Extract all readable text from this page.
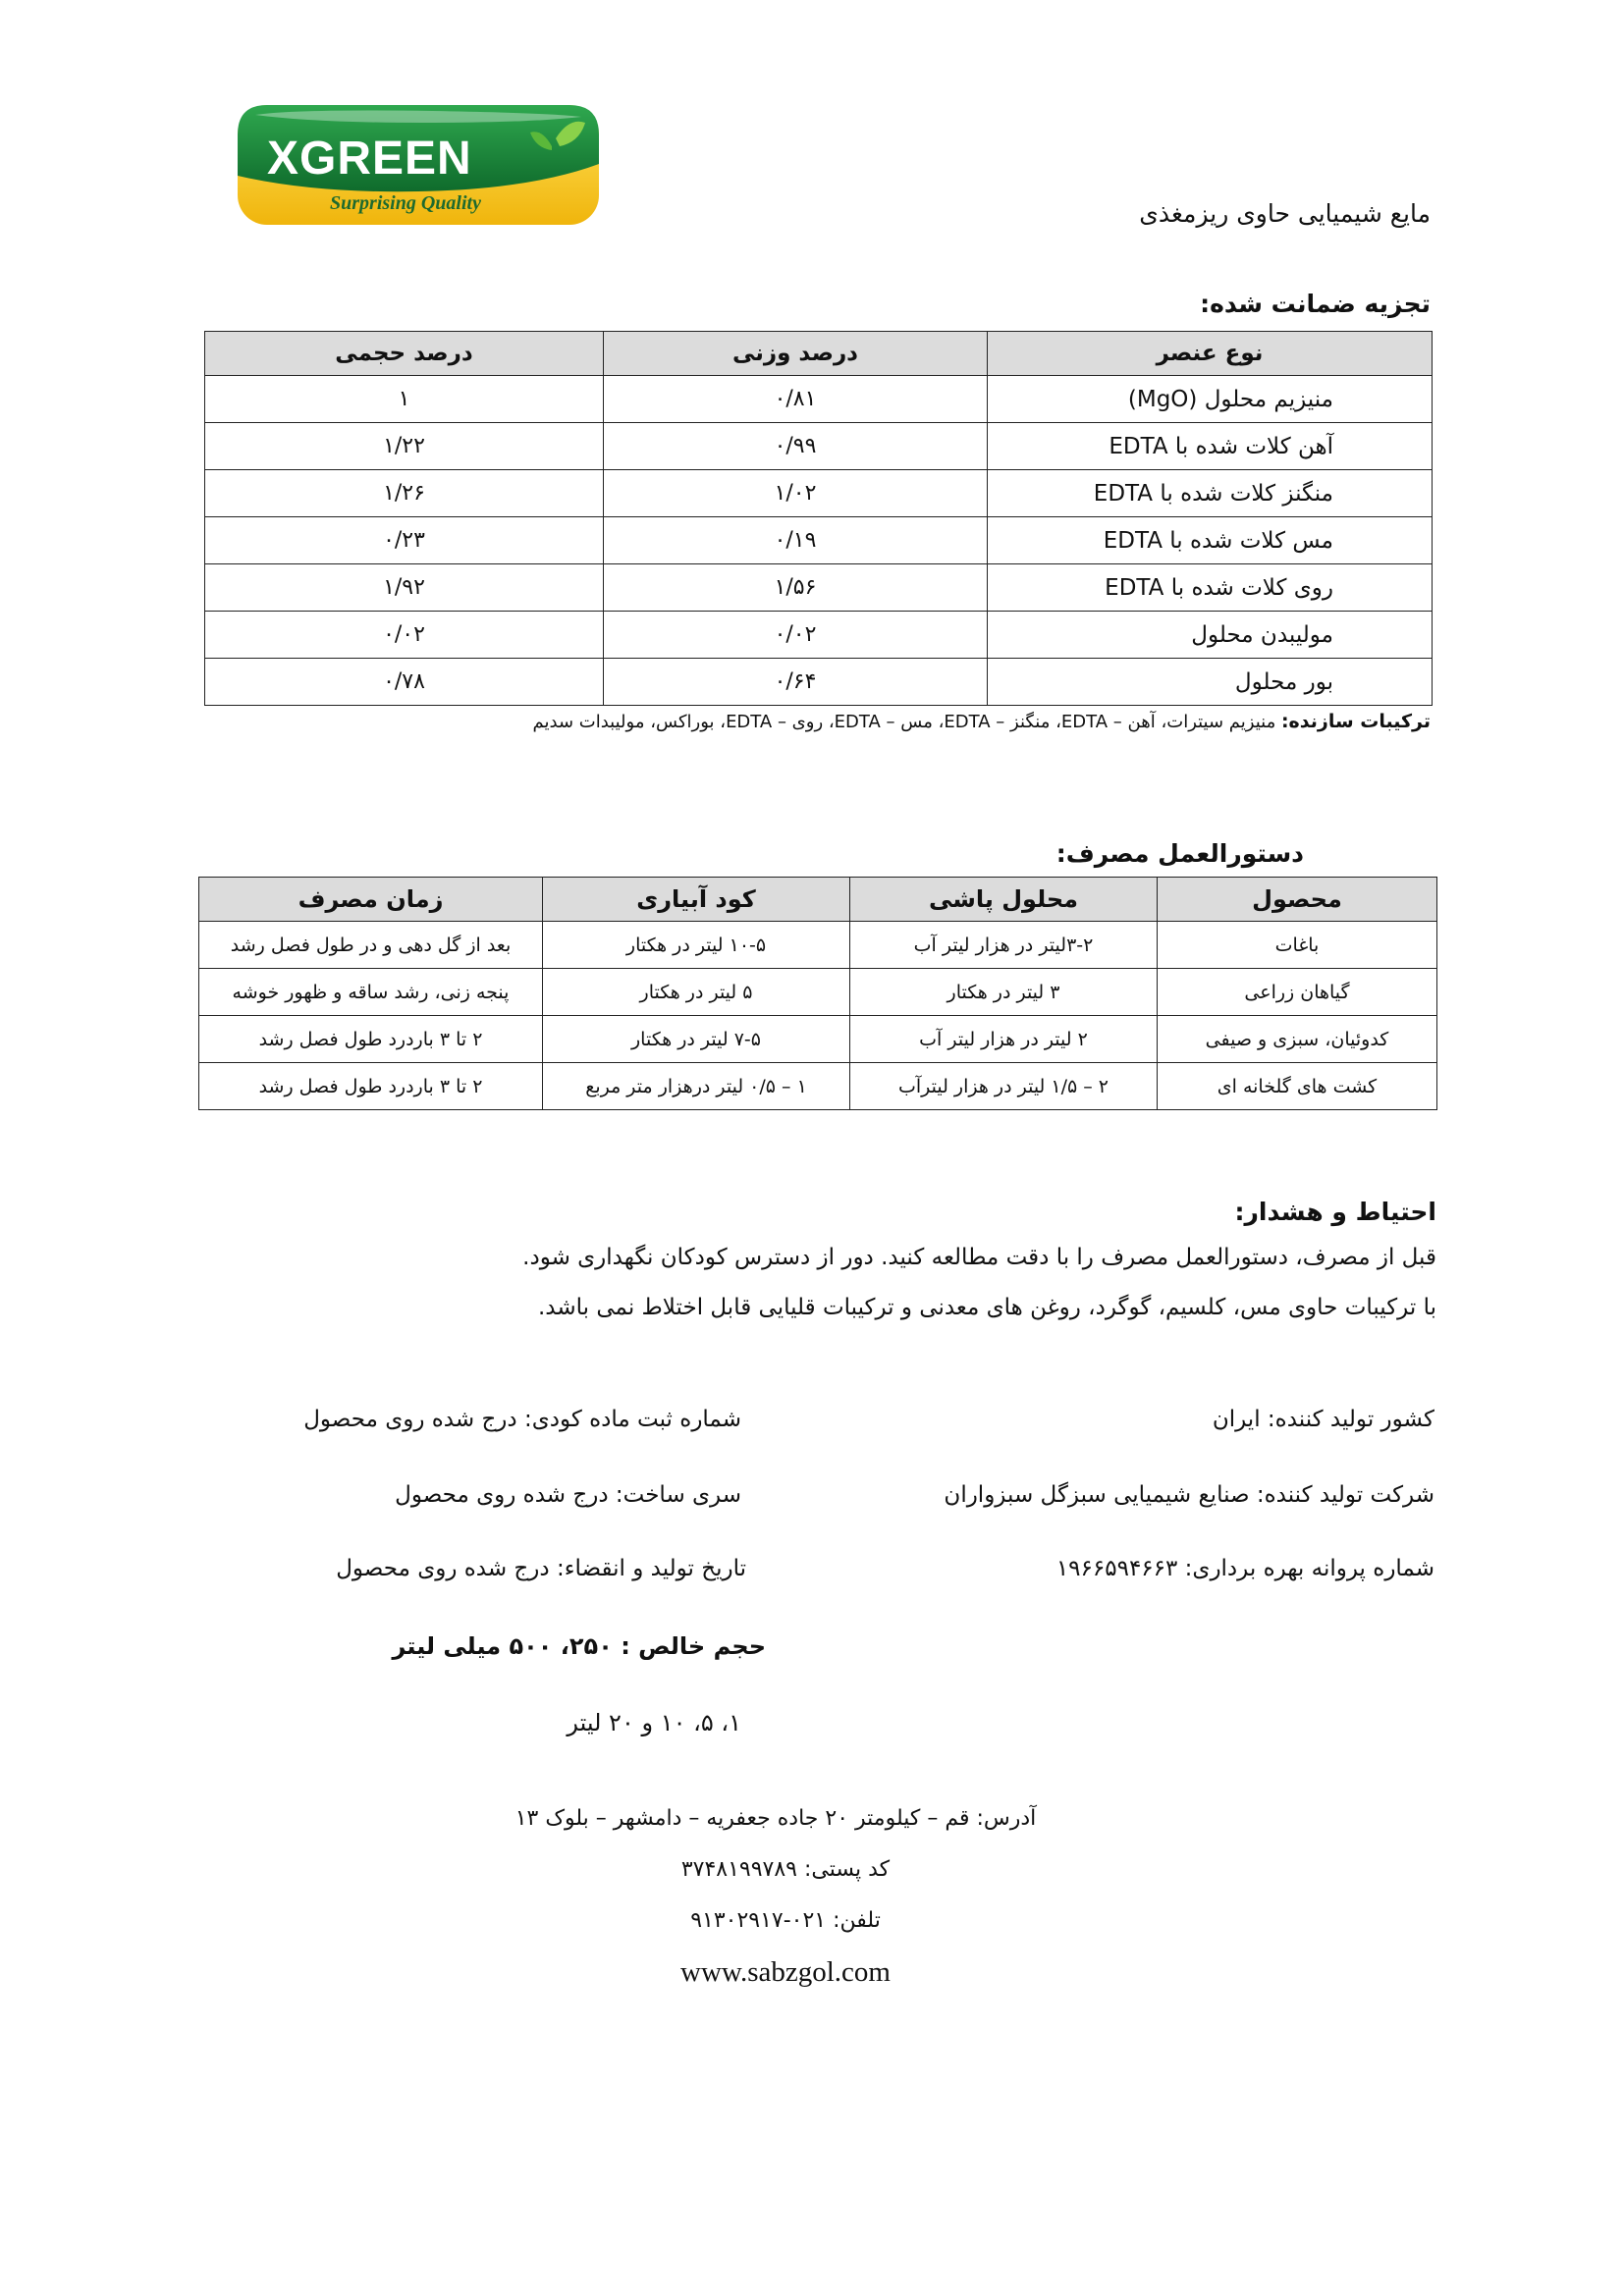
XGREEN
Surprising Quality	مایع شیمیایی حاوی ریزمغذی
تجزیه ضمانت شده:
نوع عنصر	درصد وزنی	درصد حجمی
منیزیم محلول (MgO)	۰/۸۱	۱
آهن کلات شده با EDTA	۰/۹۹	۱/۲۲
منگنز کلات شده با EDTA	۱/۰۲	۱/۲۶
مس کلات شده با EDTA	۰/۱۹	۰/۲۳
روی کلات شده با EDTA	۱/۵۶	۱/۹۲
مولیبدن محلول	۰/۰۲	۰/۰۲
بور محلول	۰/۶۴	۰/۷۸
ترکیبات سازنده: منیزیم سیترات، آهن – EDTA، منگنز – EDTA، مس – EDTA، روی – EDTA، بوراکس، مولیبدات سدیم
دستورالعمل مصرف:
محصول	محلول پاشی	کود آبیاری	زمان مصرف
باغات	۳-۲لیتر در هزار لیتر آب	۱۰-۵ لیتر در هکتار	بعد از گل دهی و در طول فصل رشد
گیاهان زراعی	۳ لیتر در هکتار	۵ لیتر در هکتار	پنجه زنی، رشد ساقه و ظهور خوشه
کدوئیان، سبزی و صیفی	۲ لیتر در هزار لیتر آب	۷-۵ لیتر در هکتار	۲ تا ۳ باردرد طول فصل رشد
کشت های گلخانه ای	۲ – ۱/۵ لیتر در هزار لیترآب	۱ – ۰/۵ لیتر درهزار متر مربع	۲ تا ۳ باردرد طول فصل رشد
احتیاط و هشدار:
قبل از مصرف، دستورالعمل مصرف را با دقت مطالعه کنید. دور از دسترس کودکان نگهداری شود.
با ترکیبات حاوی مس، کلسیم، گوگرد، روغن های معدنی و ترکیبات قلیایی قابل اختلاط نمی باشد.
کشور تولید کننده: ایران
شرکت تولید کننده: صنایع شیمیایی سبزگل سبزواران
شماره پروانه بهره برداری: ۱۹۶۶۵۹۴۶۶۳
شماره ثبت ماده کودی: درج شده روی محصول
سری ساخت: درج شده روی محصول
تاریخ تولید و انقضاء: درج شده روی محصول
حجم خالص : ۲۵۰، ۵۰۰ میلی لیتر
۱، ۵، ۱۰ و ۲۰ لیتر
آدرس: قم – کیلومتر ۲۰ جاده جعفریه – دامشهر – بلوک ۱۳
کد پستی: ۳۷۴۸۱۹۹۷۸۹
تلفن: ۰۲۱-۹۱۳۰۲۹۱۷
www.sabzgol.com
